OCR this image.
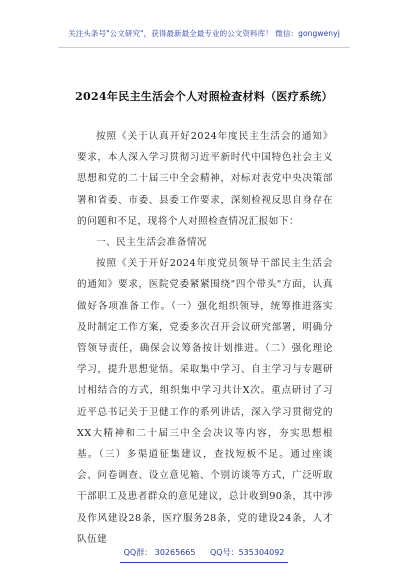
关注头条号"公文研究"，获得最新最全最专业的公文资料库！ 微信：gongwenyj
2024年民主生活会个人对照检查材料（医疗系统）

按照《关于认真开好2024年度民主生活会的通知》要求，本人深入学习贯彻习近平新时代中国特色社会主义思想和党的二十届三中全会精神，对标对表党中央决策部署和省委、市委、县委工作要求，深刻检视反思自身存在的问题和不足，现将个人对照检查情况汇报如下：

一、民主生活会准备情况

按照《关于开好2024年度党员领导干部民主生活会的通知》要求，医院党委紧紧围绕"四个带头"方面，认真做好各项准备工作。（一）强化组织领导，统筹推进落实及时制定工作方案，党委多次召开会议研究部署，明确分管领导责任，确保会议筹备按计划推进。（二）强化理论学习，提升思想觉悟。采取集中学习、自主学习与专题研讨相结合的方式，组织集中学习共计X次。重点研讨了习近平总书记关于卫健工作的系列讲话，深入学习贯彻党的XX大精神和二十届三中全会决议等内容，夯实思想根基。（三）多渠道征集建议，查找短板不足。通过座谈会、问卷调查、设立意见箱、个别访谈等方式，广泛听取干部职工及患者群众的意见建议，总计收到90条，其中涉及作风建设28条，医疗服务28条，党的建设24条，人才队伍建

QQ群： 30265665 QQ号：535304092
